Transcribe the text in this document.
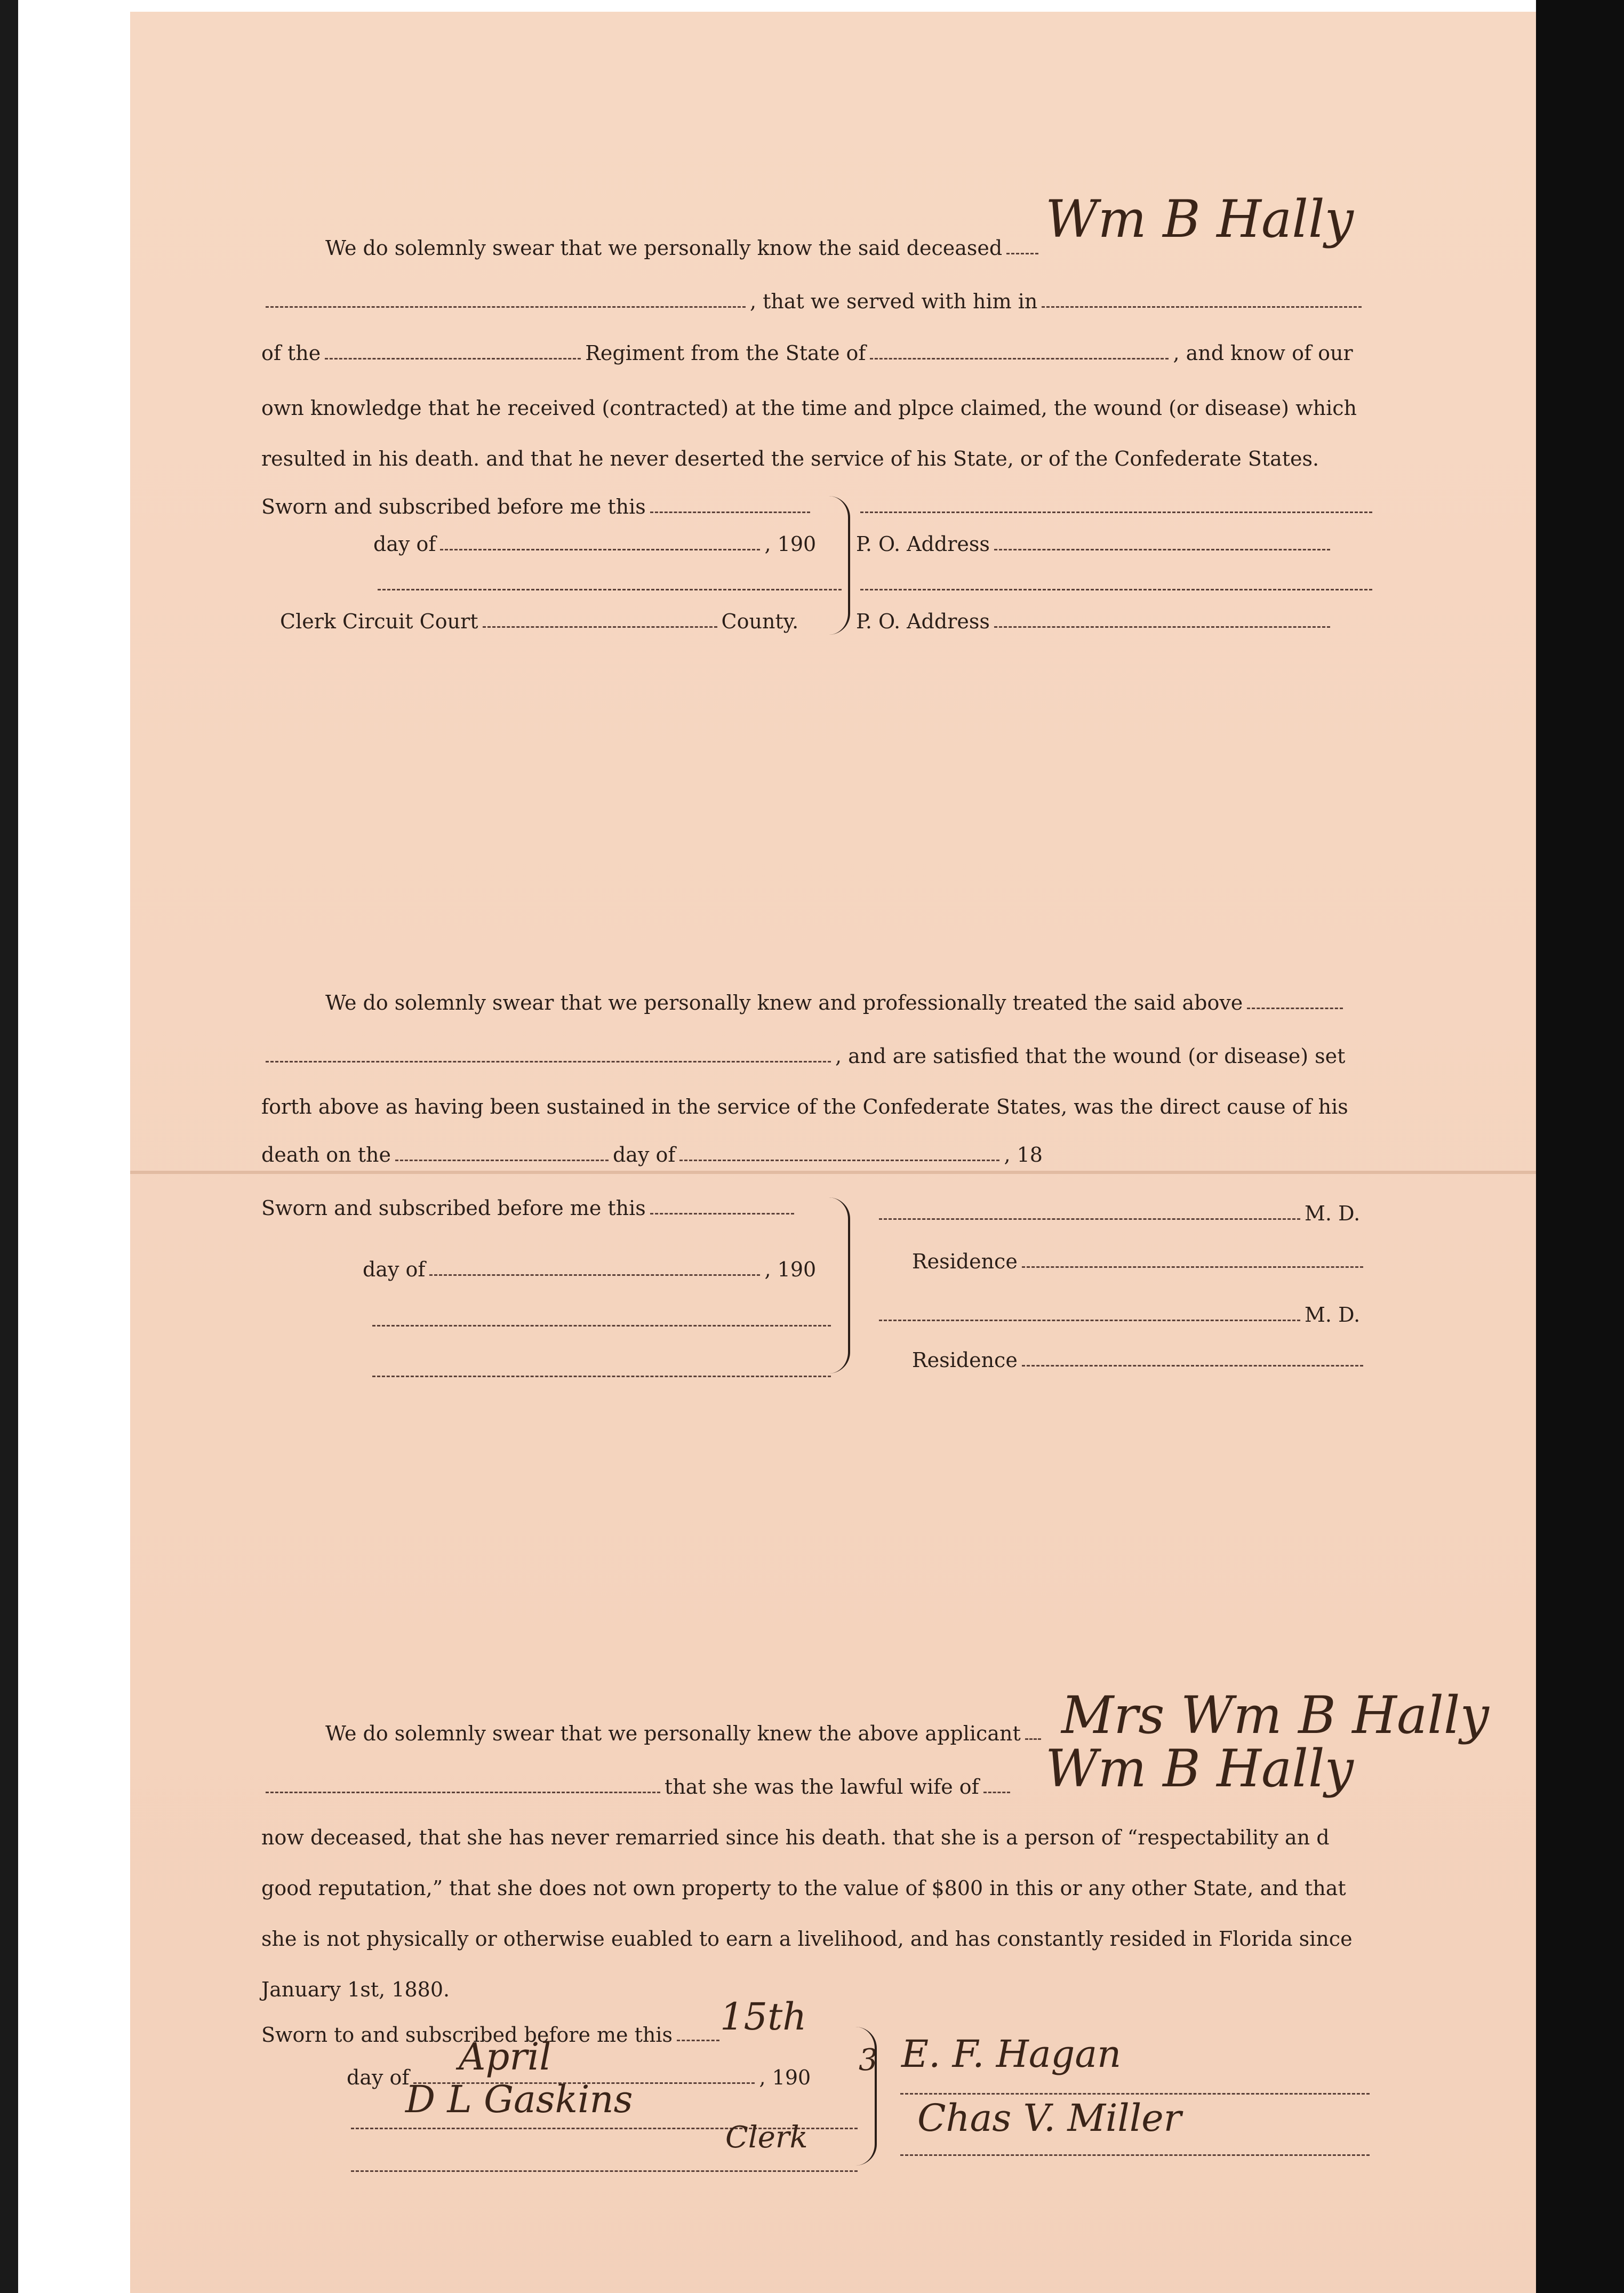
We do solemnly swear that we personally know the said deceased Wm B Hally
, that we served with him in
of the	Regiment from the State of	, and know of our
own knowledge that he received (contracted) at the time and plpce claimed, the wound (or disease) which
resulted in his death. and that he never deserted the service of his State, or of the Confederate States.
Sworn and subscribed before me this
day of	, 190
Clerk Circuit Court	County.
P. O. Address
P. O. Address
We do solemnly swear that we personally knew and professionally treated the said above
, and are satisfied that the wound (or disease) set
forth above as having been sustained in the service of the Confederate States, was the direct cause of his
death on the	day of	, 18
Sworn and subscribed before me this
day of	, 190
M. D.
Residence
M. D.
Residence
We do solemnly swear that we personally knew the above applicant Mrs Wm B Hally
that she was the lawful wife of	Wm B Hally
now deceased, that she has never remarried since his death. that she is a person of “respectability an d
good reputation,” that she does not own property to the value of $800 in this or any other State, and that
she is not physically or otherwise euabled to earn a livelihood, and has constantly resided in Florida since
January 1st, 1880.
Sworn to and subscribed before me this	15th
day of	, 190
April	3
D L Gaskins
Clerk
E. F. Hagan
Chas V. Miller
